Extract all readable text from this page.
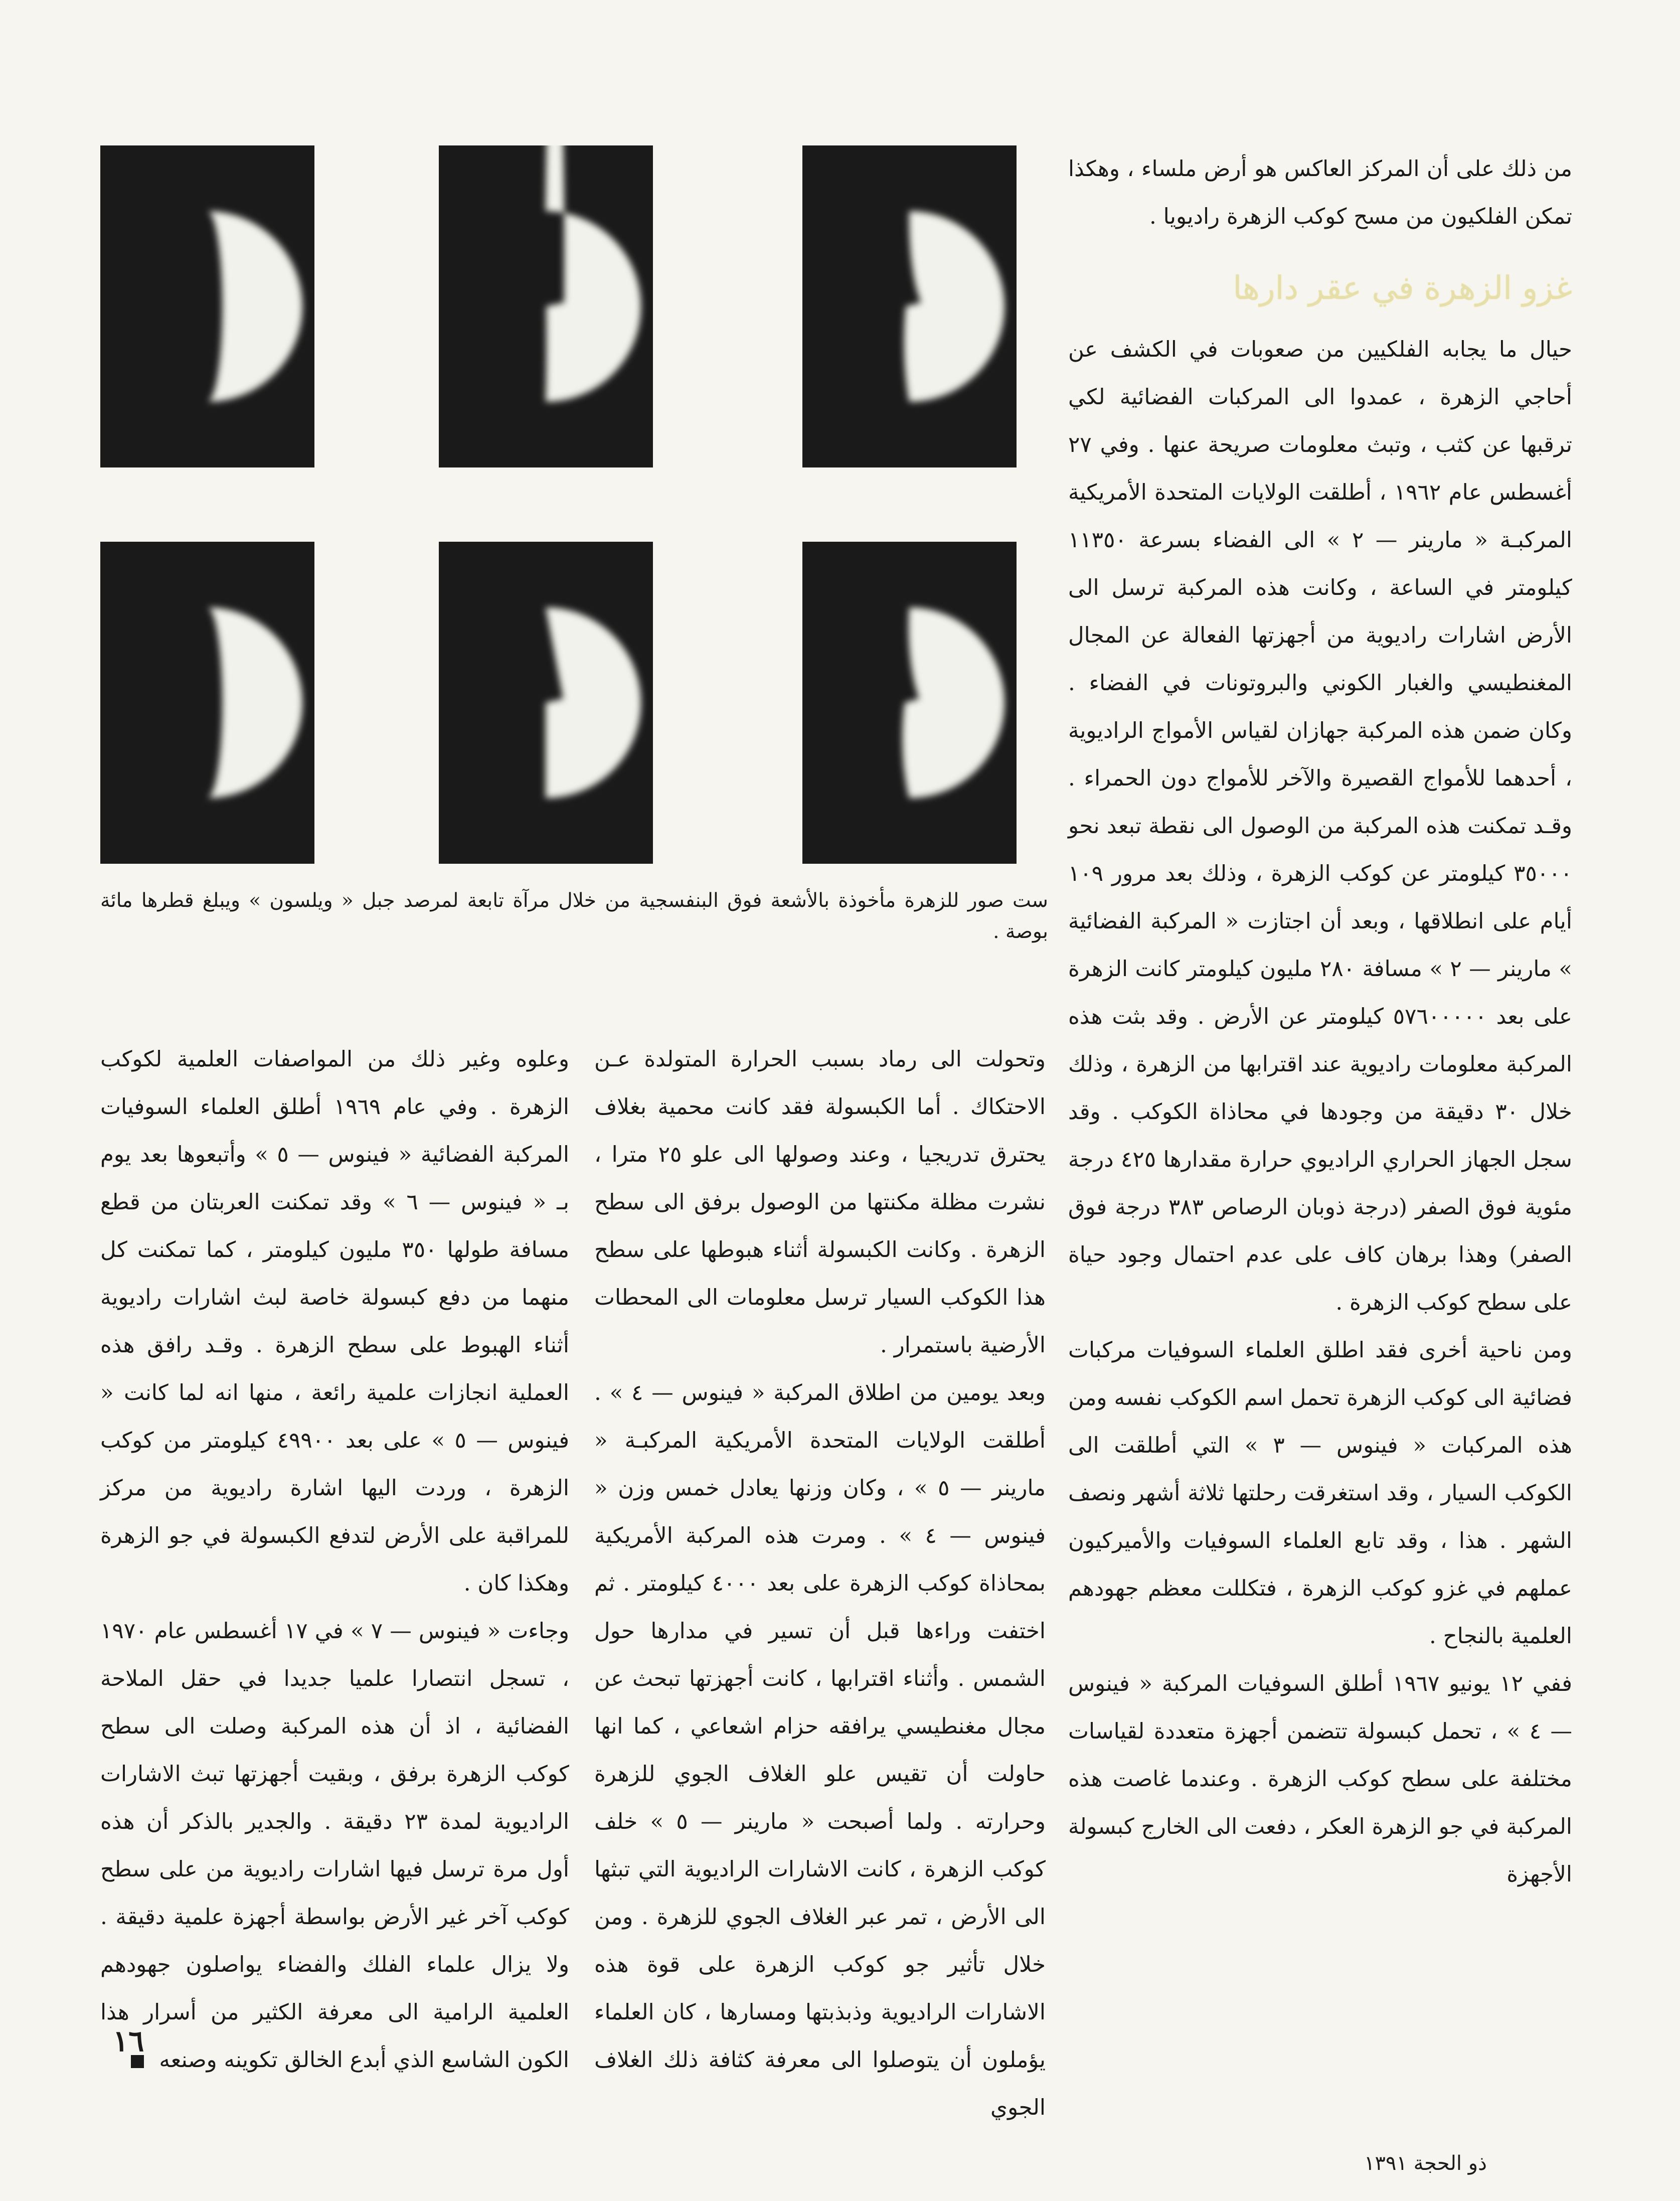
ست صور للزهرة مأخوذة بالأشعة فوق البنفسجية من خلال مرآة تابعة لمرصد جبل « ويلسون » ويبلغ قطرها مائة بوصة .

من ذلك على أن المركز العاكس هو أرض ملساء ، وهكذا تمكن الفلكيون من مسح كوكب الزهرة راديويا .

غزو الزهرة في عقر دارها

حيال ما يجابه الفلكيين من صعوبات في الكشف عن أحاجي الزهرة ، عمدوا الى المركبات الفضائية لكي ترقبها عن كثب ، وتبث معلومات صريحة عنها . وفي ٢٧ أغسطس عام ١٩٦٢ ، أطلقت الولايات المتحدة الأمريكية المركبـة « مارينر — ٢ » الى الفضاء بسرعة ١١٣٥٠ كيلومتر في الساعة ، وكانت هذه المركبة ترسل الى الأرض اشارات راديوية من أجهزتها الفعالة عن المجال المغنطيسي والغبار الكوني والبروتونات في الفضاء . وكان ضمن هذه المركبة جهازان لقياس الأمواج الراديوية ، أحدهما للأمواج القصيرة والآخر للأمواج دون الحمراء . وقـد تمكنت هذه المركبة من الوصول الى نقطة تبعد نحو ٣٥٠٠٠ كيلومتر عن كوكب الزهرة ، وذلك بعد مرور ١٠٩ أيام على انطلاقها ، وبعد أن اجتازت « المركبة الفضائية » مارينر — ٢ » مسافة ٢٨٠ مليون كيلومتر كانت الزهرة على بعد ٥٧٦٠٠٠٠٠ كيلومتر عن الأرض . وقد بثت هذه المركبة معلومات راديوية عند اقترابها من الزهرة ، وذلك خلال ٣٠ دقيقة من وجودها في محاذاة الكوكب . وقد سجل الجهاز الحراري الراديوي حرارة مقدارها ٤٢٥ درجة مئوية فوق الصفر (درجة ذوبان الرصاص ٣٨٣ درجة فوق الصفر) وهذا برهان كاف على عدم احتمال وجود حياة على سطح كوكب الزهرة .

ومن ناحية أخرى فقد اطلق العلماء السوفيات مركبات فضائية الى كوكب الزهرة تحمل اسم الكوكب نفسه ومن هذه المركبات « فينوس — ٣ » التي أطلقت الى الكوكب السيار ، وقد استغرقت رحلتها ثلاثة أشهر ونصف الشهر . هذا ، وقد تابع العلماء السوفيات والأميركيون عملهم في غزو كوكب الزهرة ، فتكللت معظم جهودهم العلمية بالنجاح .

ففي ١٢ يونيو ١٩٦٧ أطلق السوفيات المركبة « فينوس — ٤ » ، تحمل كبسولة تتضمن أجهزة متعددة لقياسات مختلفة على سطح كوكب الزهرة . وعندما غاصت هذه المركبة في جو الزهرة العكر ، دفعت الى الخارج كبسولة الأجهزة

وتحولت الى رماد بسبب الحرارة المتولدة عـن الاحتكاك . أما الكبسولة فقد كانت محمية بغلاف يحترق تدريجيا ، وعند وصولها الى علو ٢٥ مترا ، نشرت مظلة مكنتها من الوصول برفق الى سطح الزهرة . وكانت الكبسولة أثناء هبوطها على سطح هذا الكوكب السيار ترسل معلومات الى المحطات الأرضية باستمرار .

وبعد يومين من اطلاق المركبة « فينوس — ٤ » . أطلقت الولايات المتحدة الأمريكية المركبـة « مارينر — ٥ » ، وكان وزنها يعادل خمس وزن « فينوس — ٤ » . ومرت هذه المركبة الأمريكية بمحاذاة كوكب الزهرة على بعد ٤٠٠٠ كيلومتر . ثم اختفت وراءها قبل أن تسير في مدارها حول الشمس . وأثناء اقترابها ، كانت أجهزتها تبحث عن مجال مغنطيسي يرافقه حزام اشعاعي ، كما انها حاولت أن تقيس علو الغلاف الجوي للزهرة وحرارته . ولما أصبحت « مارينر — ٥ » خلف كوكب الزهرة ، كانت الاشارات الراديوية التي تبثها الى الأرض ، تمر عبر الغلاف الجوي للزهرة . ومن خلال تأثير جو كوكب الزهرة على قوة هذه الاشارات الراديوية وذبذبتها ومسارها ، كان العلماء يؤملون أن يتوصلوا الى معرفة كثافة ذلك الغلاف الجوي

وعلوه وغير ذلك من المواصفات العلمية لكوكب الزهرة . وفي عام ١٩٦٩ أطلق العلماء السوفيات المركبة الفضائية « فينوس — ٥ » وأتبعوها بعد يوم بـ « فينوس — ٦ » وقد تمكنت العربتان من قطع مسافة طولها ٣٥٠ مليون كيلومتر ، كما تمكنت كل منهما من دفع كبسولة خاصة لبث اشارات راديوية أثناء الهبوط على سطح الزهرة . وقـد رافق هذه العملية انجازات علمية رائعة ، منها انه لما كانت « فينوس — ٥ » على بعد ٤٩٩٠٠ كيلومتر من كوكب الزهرة ، وردت اليها اشارة راديوية من مركز للمراقبة على الأرض لتدفع الكبسولة في جو الزهرة وهكذا كان .

وجاءت « فينوس — ٧ » في ١٧ أغسطس عام ١٩٧٠ ، تسجل انتصارا علميا جديدا في حقل الملاحة الفضائية ، اذ أن هذه المركبة وصلت الى سطح كوكب الزهرة برفق ، وبقيت أجهزتها تبث الاشارات الراديوية لمدة ٢٣ دقيقة . والجدير بالذكر أن هذه أول مرة ترسل فيها اشارات راديوية من على سطح كوكب آخر غير الأرض بواسطة أجهزة علمية دقيقة . ولا يزال علماء الفلك والفضاء يواصلون جهودهم العلمية الرامية الى معرفة الكثير من أسرار هذا الكون الشاسع الذي أبدع الخالق تكوينه وصنعه

١٦
ذو الحجة ١٣٩١
